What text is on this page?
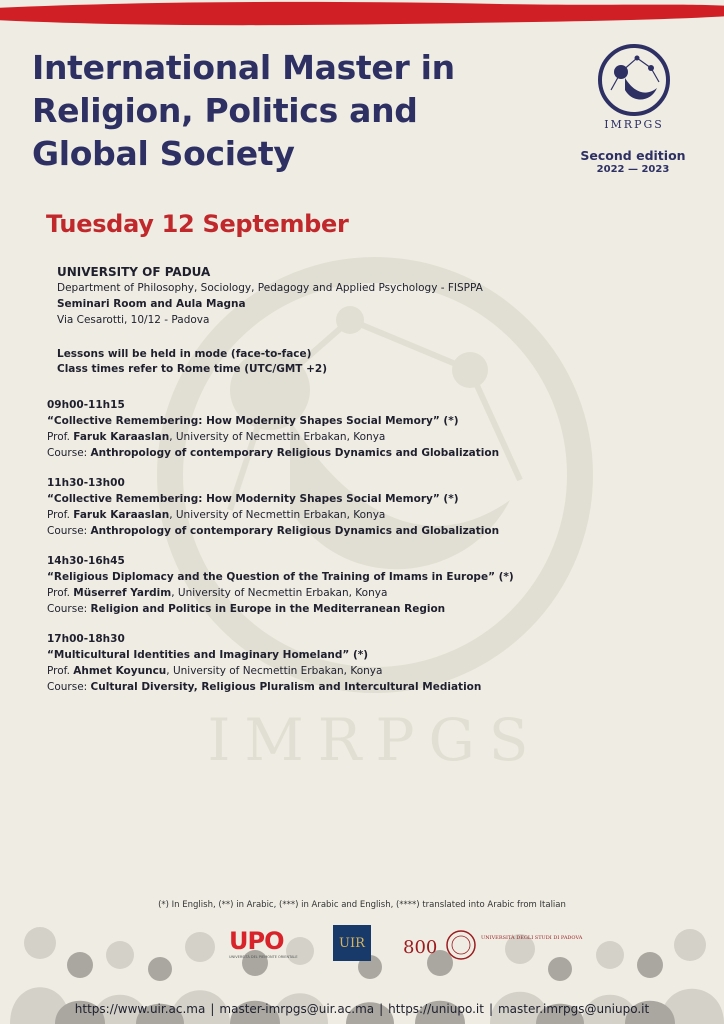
IMRPGS
International Master in
Religion, Politics and
Global Society
IMRPGS
Second edition
2022 — 2023
Tuesday 12 September
UNIVERSITY OF PADUA
Department of Philosophy, Sociology, Pedagogy and Applied Psychology - FISPPA
Seminari Room and Aula Magna
Via Cesarotti, 10/12 - Padova
Lessons will be held in mode (face-to-face)
Class times refer to Rome time (UTC/GMT +2)
09h00-11h15
“Collective Remembering: How Modernity Shapes Social Memory” (*)
Prof. Faruk Karaaslan, University of Necmettin Erbakan, Konya
Course: Anthropology of contemporary Religious Dynamics and Globalization
11h30-13h00
“Collective Remembering: How Modernity Shapes Social Memory” (*)
Prof. Faruk Karaaslan, University of Necmettin Erbakan, Konya
Course: Anthropology of contemporary Religious Dynamics and Globalization
14h30-16h45
“Religious Diplomacy and the Question of the Training of Imams in Europe” (*)
Prof. Müserref Yardim, University of Necmettin Erbakan, Konya
Course: Religion and Politics in Europe in the Mediterranean Region
17h00-18h30
“Multicultural Identities and Imaginary Homeland” (*)
Prof. Ahmet Koyuncu, University of Necmettin Erbakan, Konya
Course: Cultural Diversity, Religious Pluralism and Intercultural Mediation
(*) In English, (**) in Arabic, (***) in Arabic and English, (****) translated into Arabic from Italian
UPO
UNIVERSITÀ DEL PIEMONTE ORIENTALE
UIR 800	UNIVERSITÀ DEGLI STUDI DI PADOVA
https://www.uir.ac.ma | master-imrpgs@uir.ac.ma | https://uniupo.it | master.imrpgs@uniupo.it
